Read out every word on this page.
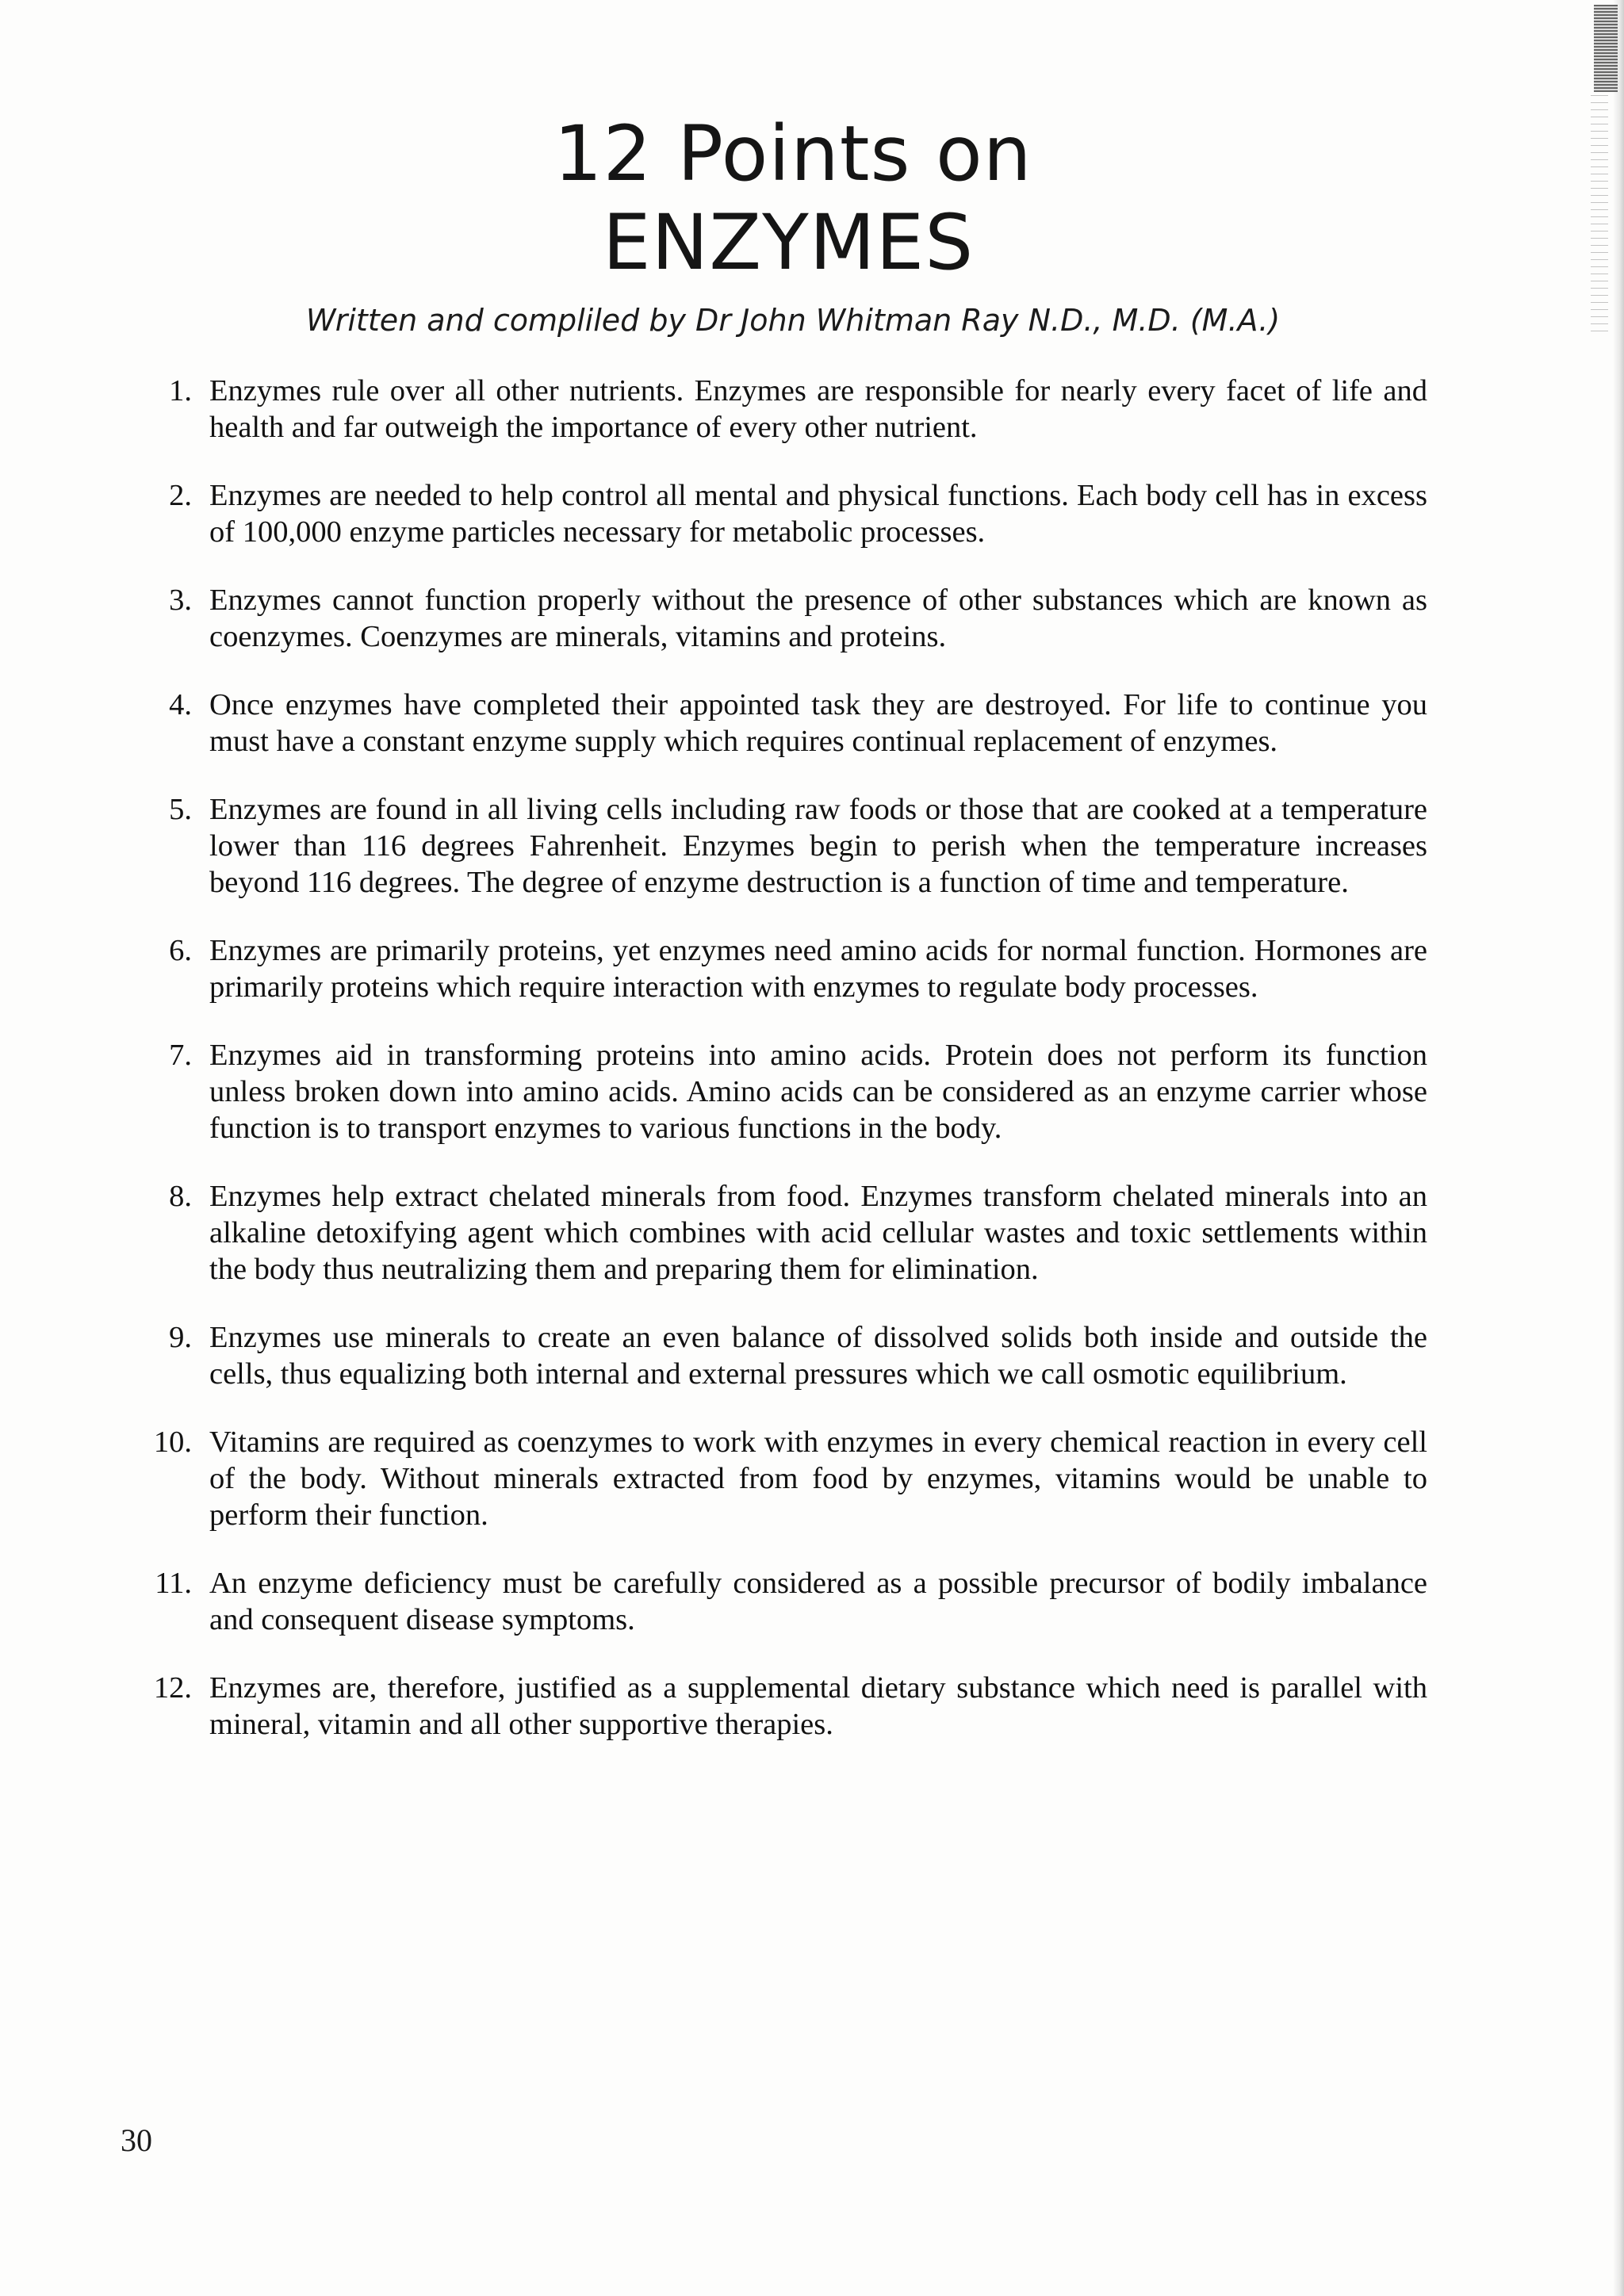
12 Points on
ENZYMES
Written and compliled by Dr John Whitman Ray N.D., M.D. (M.A.)
1. Enzymes rule over all other nutrients. Enzymes are responsible for nearly every facet of life and health and far outweigh the importance of every other nutrient.
2. Enzymes are needed to help control all mental and physical functions. Each body cell has in excess of 100,000 enzyme particles necessary for metabolic processes.
3. Enzymes cannot function properly without the presence of other substances which are known as coenzymes. Coenzymes are minerals, vitamins and proteins.
4. Once enzymes have completed their appointed task they are destroyed. For life to continue you must have a constant enzyme supply which requires continual replacement of enzymes.
5. Enzymes are found in all living cells including raw foods or those that are cooked at a temperature lower than 116 degrees Fahrenheit. Enzymes begin to perish when the temperature increases beyond 116 degrees. The degree of enzyme destruction is a function of time and temperature.
6. Enzymes are primarily proteins, yet enzymes need amino acids for normal function. Hormones are primarily proteins which require interaction with enzymes to regulate body processes.
7. Enzymes aid in transforming proteins into amino acids. Protein does not perform its function unless broken down into amino acids. Amino acids can be considered as an enzyme carrier whose function is to transport enzymes to various functions in the body.
8. Enzymes help extract chelated minerals from food. Enzymes transform chelated minerals into an alkaline detoxifying agent which combines with acid cellular wastes and toxic settlements within the body thus neutralizing them and preparing them for elimination.
9. Enzymes use minerals to create an even balance of dissolved solids both inside and outside the cells, thus equalizing both internal and external pressures which we call osmotic equilibrium.
10. Vitamins are required as coenzymes to work with enzymes in every chemical reaction in every cell of the body. Without minerals extracted from food by enzymes, vitamins would be unable to perform their function.
11. An enzyme deficiency must be carefully considered as a possible precursor of bodily imbalance and consequent disease symptoms.
12. Enzymes are, therefore, justified as a supplemental dietary substance which need is parallel with mineral, vitamin and all other supportive therapies.
30
